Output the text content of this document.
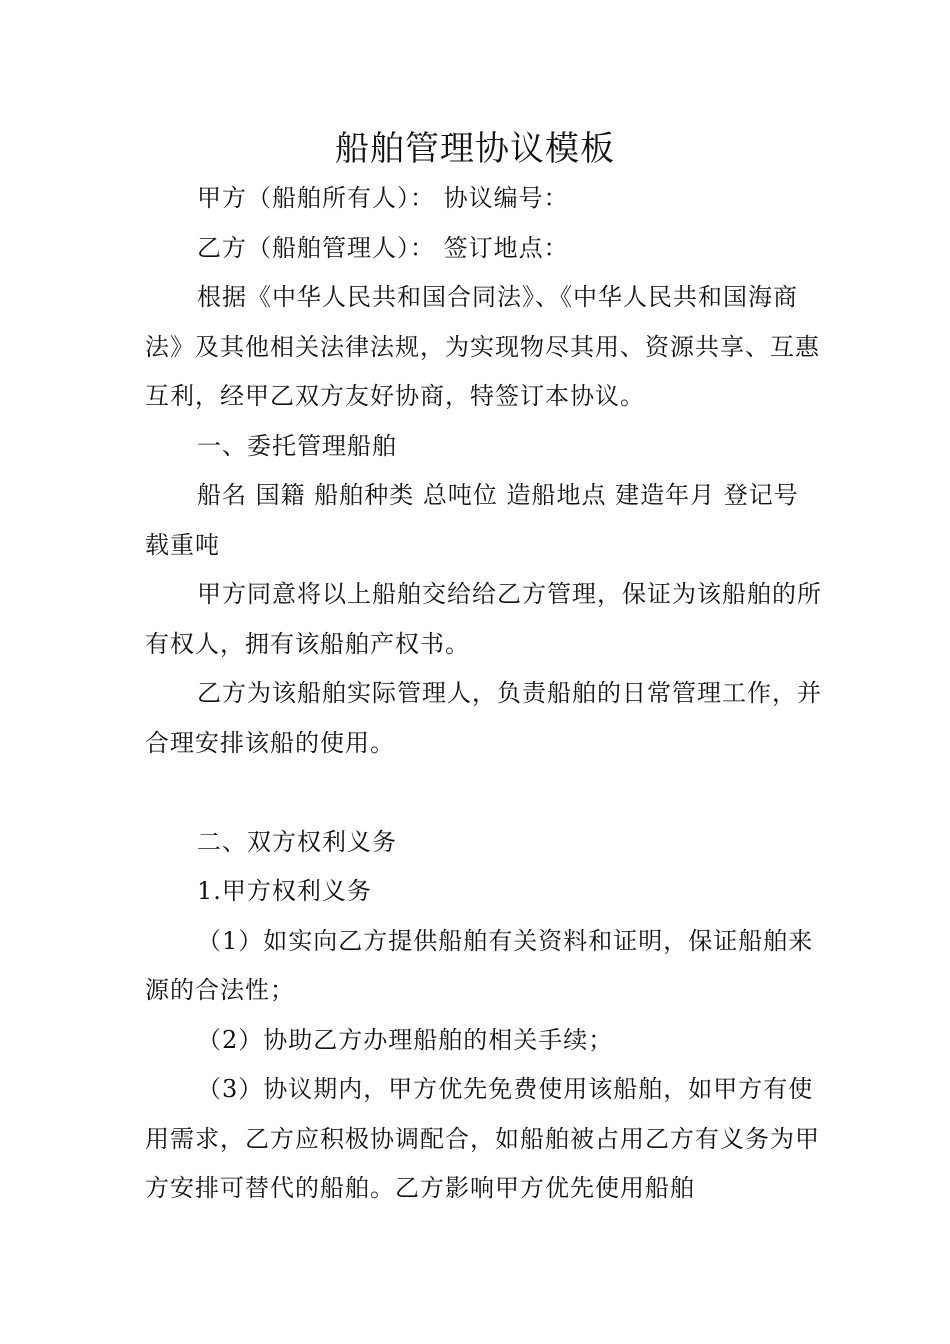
船舶管理协议模板

甲方（船舶所有人）： 协议编号：

乙方（船舶管理人）： 签订地点：

根据《中华人民共和国合同法》、《中华人民共和国海商法》及其他相关法律法规，为实现物尽其用、资源共享、互惠互利，经甲乙双方友好协商，特签订本协议。

一、委托管理船舶

船名 国籍 船舶种类 总吨位 造船地点 建造年月 登记号 载重吨

甲方同意将以上船舶交给给乙方管理，保证为该船舶的所有权人，拥有该船舶产权书。

乙方为该船舶实际管理人，负责船舶的日常管理工作，并合理安排该船的使用。

二、双方权利义务

1.甲方权利义务

（1）如实向乙方提供船舶有关资料和证明，保证船舶来源的合法性；

（2）协助乙方办理船舶的相关手续；

（3）协议期内，甲方优先免费使用该船舶，如甲方有使用需求，乙方应积极协调配合，如船舶被占用乙方有义务为甲方安排可替代的船舶。乙方影响甲方优先使用船舶
